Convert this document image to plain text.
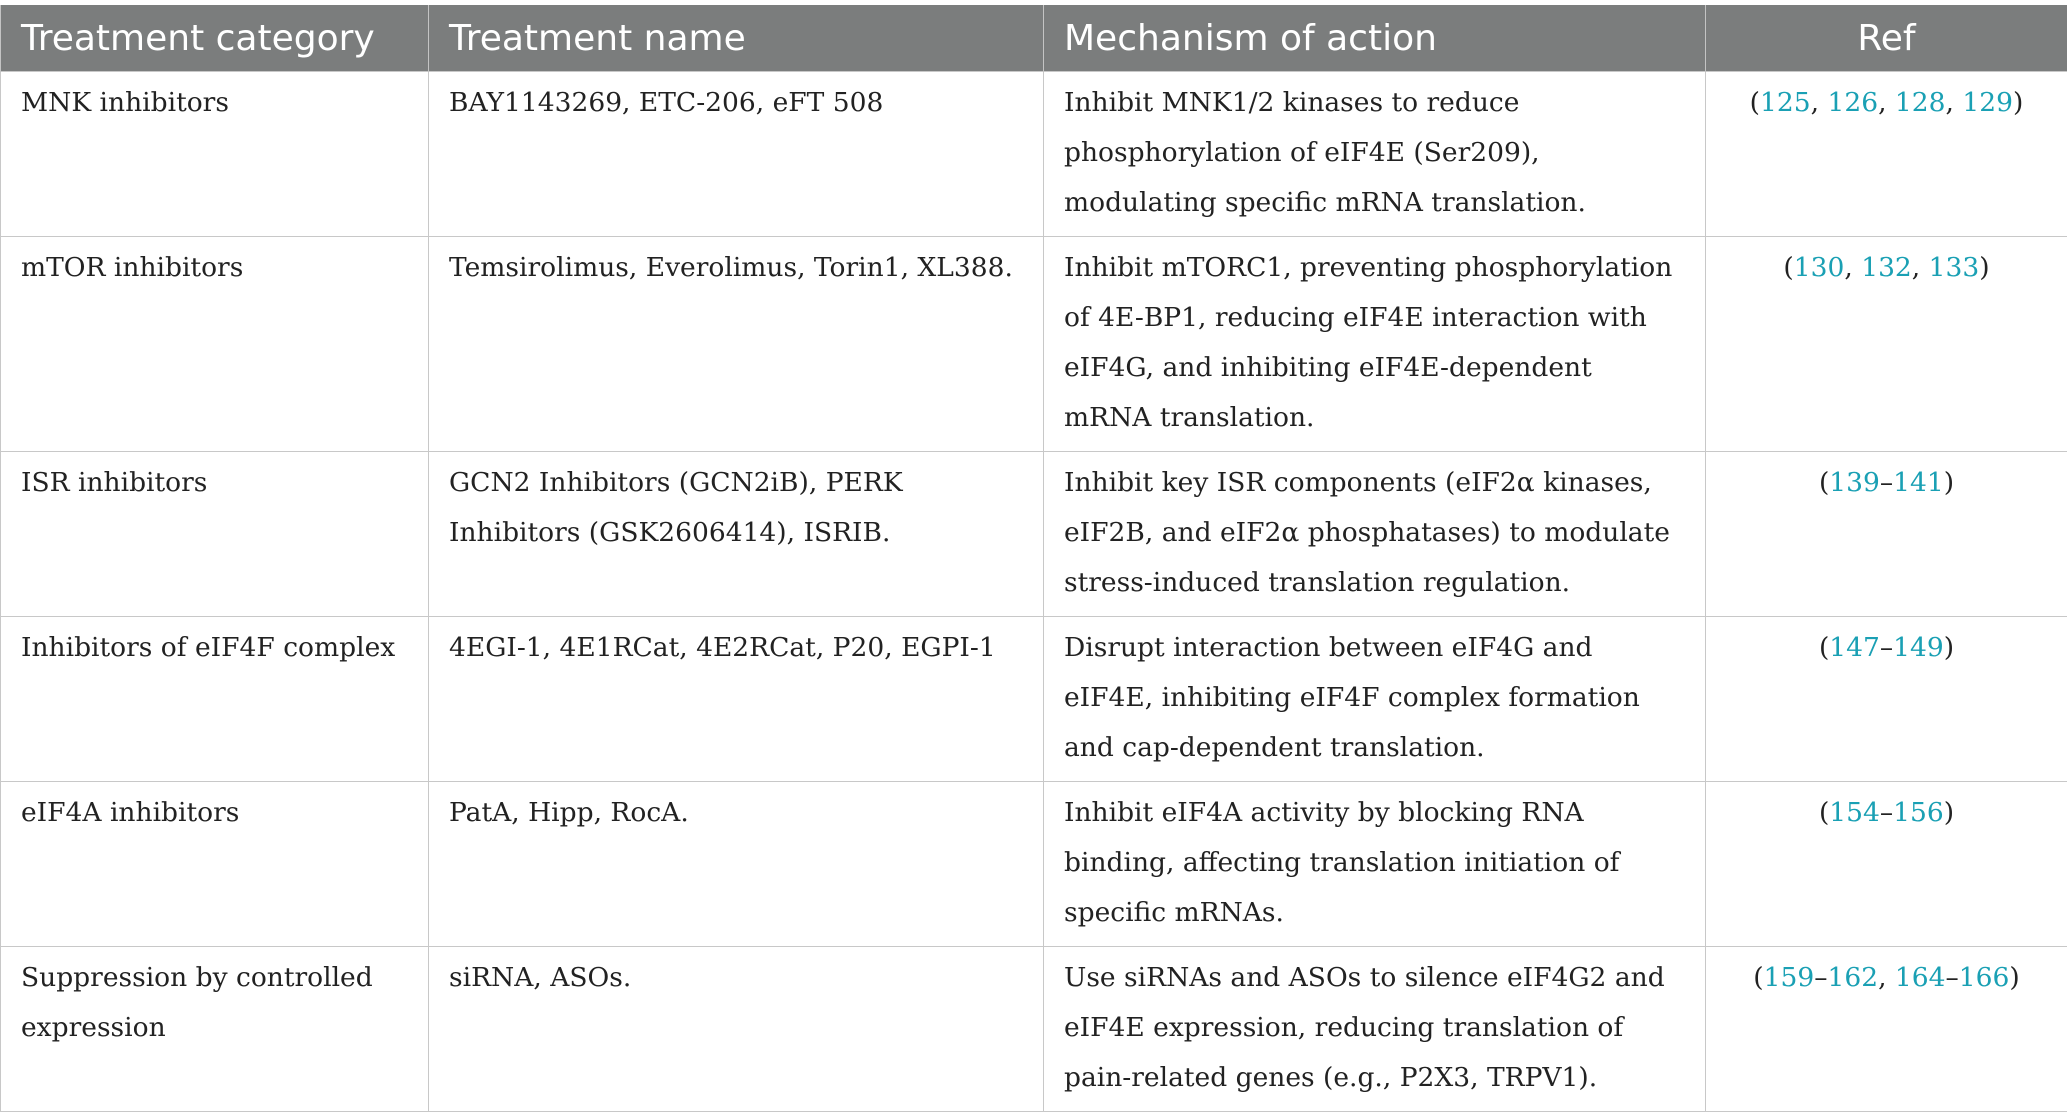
Treatment category	Treatment name	Mechanism of action	Ref
MNK inhibitors	BAY1143269, ETC-206, eFT 508	Inhibit MNK1/2 kinases to reduce phosphorylation of eIF4E (Ser209), modulating specific mRNA translation.	(125, 126, 128, 129)
mTOR inhibitors	Temsirolimus, Everolimus, Torin1, XL388.	Inhibit mTORC1, preventing phosphorylation of 4E-BP1, reducing eIF4E interaction with eIF4G, and inhibiting eIF4E-dependent mRNA translation.	(130, 132, 133)
ISR inhibitors	GCN2 Inhibitors (GCN2iB), PERK Inhibitors (GSK2606414), ISRIB.	Inhibit key ISR components (eIF2α kinases, eIF2B, and eIF2α phosphatases) to modulate stress-induced translation regulation.	(139–141)
Inhibitors of eIF4F complex	4EGI-1, 4E1RCat, 4E2RCat, P20, EGPI-1	Disrupt interaction between eIF4G and eIF4E, inhibiting eIF4F complex formation and cap-dependent translation.	(147–149)
eIF4A inhibitors	PatA, Hipp, RocA.	Inhibit eIF4A activity by blocking RNA binding, affecting translation initiation of specific mRNAs.	(154–156)
Suppression by controlled expression	siRNA, ASOs.	Use siRNAs and ASOs to silence eIF4G2 and eIF4E expression, reducing translation of pain-related genes (e.g., P2X3, TRPV1).	(159–162, 164–166)
